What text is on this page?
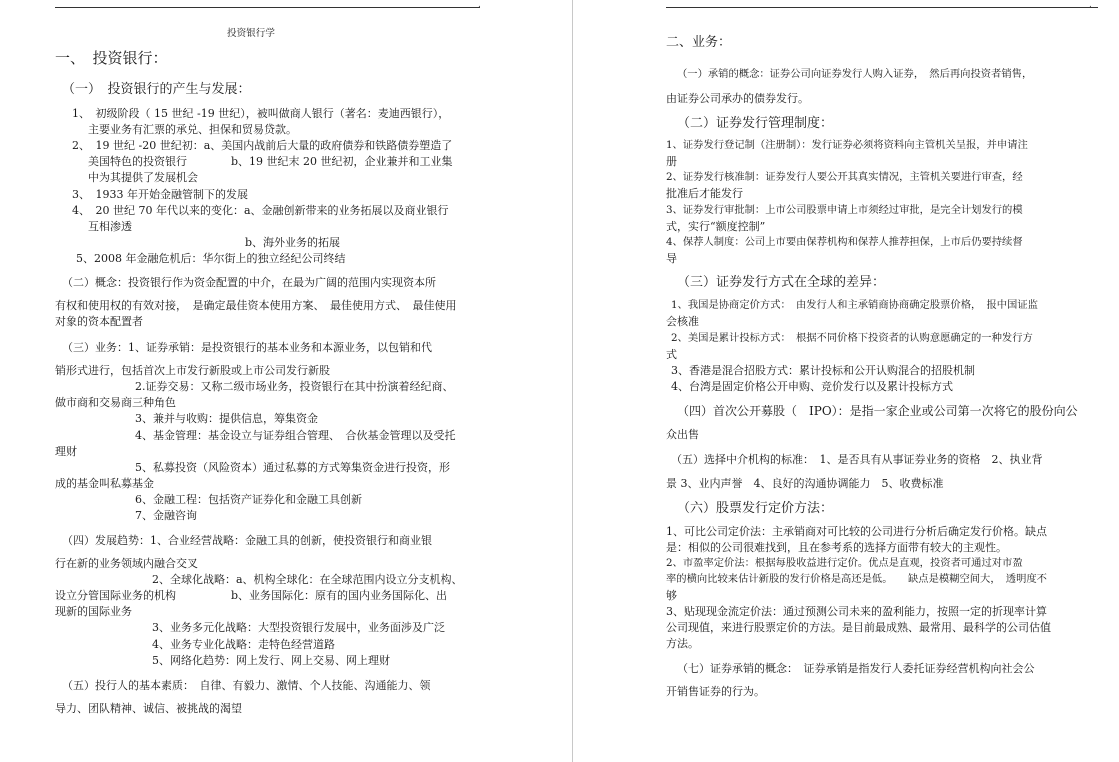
.
投资银行学
一、　投资银行：
（一）　投资银行的产生与发展：
1、　初级阶段（ 15 世纪 -19 世纪），被叫做商人银行（著名：麦迪西银行），
主要业务有汇票的承兑、担保和贸易贷款。
2、　19 世纪 -20 世纪初：a、美国内战前后大量的政府债券和铁路债券塑造了
美国特色的投资银行　　　　b、19 世纪末 20 世纪初，企业兼并和工业集
中为其提供了发展机会
3、　1933 年开始金融管制下的发展
4、　20 世纪 70 年代以来的变化：a、金融创新带来的业务拓展以及商业银行
互相渗透
b、海外业务的拓展
5、2008 年金融危机后：华尔街上的独立经纪公司终结
（二）概念：投资银行作为资金配置的中介，在最为广阔的范围内实现资本所
有权和使用权的有效对接，　是确定最佳资本使用方案、　最佳使用方式、　最佳使用
对象的资本配置者
（三）业务：1、证券承销：是投资银行的基本业务和本源业务，以包销和代
销形式进行，包括首次上市发行新股或上市公司发行新股
2.证券交易：又称二级市场业务，投资银行在其中扮演着经纪商、
做市商和交易商三种角色
3、兼并与收购：提供信息，筹集资金
4、基金管理：基金设立与证券组合管理、　合伙基金管理以及受托
理财
5、私募投资（风险资本）通过私募的方式筹集资金进行投资，形
成的基金叫私募基金
6、金融工程：包括资产证券化和金融工具创新
7、金融咨询
（四）发展趋势：1、合业经营战略：金融工具的创新，使投资银行和商业银
行在新的业务领域内融合交叉
2、全球化战略：a、机构全球化：在全球范围内设立分支机构、
设立分管国际业务的机构　　　　　b、业务国际化：原有的国内业务国际化、出
现新的国际业务
3、业务多元化战略：大型投资银行发展中，业务面涉及广泛
4、业务专业化战略：走特色经营道路
5、网络化趋势：网上发行、网上交易、网上理财
（五）投行人的基本素质：　自律、有毅力、激情、个人技能、沟通能力、领
导力、团队精神、诚信、被挑战的渴望
.
二、业务：
（一）承销的概念：证券公司向证券发行人购入证券，　然后再向投资者销售，
由证券公司承办的债券发行。
（二）证券发行管理制度：
1、证券发行登记制（注册制）：发行证券必须将资料向主管机关呈报，并申请注
册
2、证券发行核准制：证券发行人要公开其真实情况，主管机关要进行审查，经
批准后才能发行
3、证券发行审批制：上市公司股票申请上市须经过审批，是完全计划发行的模
式，实行“额度控制”
4、保荐人制度：公司上市要由保荐机构和保荐人推荐担保，上市后仍要持续督
导
（三）证券发行方式在全球的差异：
1、我国是协商定价方式：　由发行人和主承销商协商确定股票价格，　报中国证监
会核准
2、美国是累计投标方式：　根据不同价格下投资者的认购意愿确定的一种发行方
式
3、香港是混合招股方式：累计投标和公开认购混合的招股机制
4、台湾是固定价格公开申购、竞价发行以及累计投标方式
（四）首次公开募股（　IPO）：是指一家企业或公司第一次将它的股份向公
众出售
（五）选择中介机构的标准：　1、是否具有从事证券业务的资格　2、执业背
景 3、业内声誉　4、良好的沟通协调能力　5、收费标准
（六）股票发行定价方法：
1、可比公司定价法：主承销商对可比较的公司进行分析后确定发行价格。缺点
是：相似的公司很难找到，且在参考系的选择方面带有较大的主观性。
2、市盈率定价法：根据每股收益进行定价。优点是直观，投资者可通过对市盈
率的横向比较来估计新股的发行价格是高还是低。　　缺点是模糊空间大，　透明度不
够
3、贴现现金流定价法：通过预测公司未来的盈利能力，按照一定的折现率计算
公司现值，来进行股票定价的方法。是目前最成熟、最常用、最科学的公司估值
方法。
（七）证券承销的概念：　证券承销是指发行人委托证券经营机构向社会公
开销售证券的行为。
